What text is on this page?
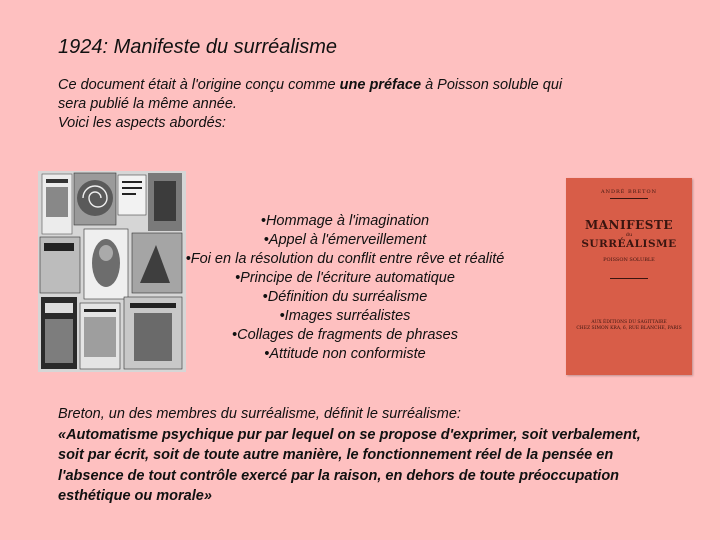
1924: Manifeste du surréalisme

Ce document était à l'origine conçu comme une préface à Poisson soluble qui
sera publié la même année.
Voici les aspects abordés:

•Hommage à l'imagination
•Appel à l'émerveillement
•Foi en la résolution du conflit entre rêve et réalité
•Principe de l'écriture automatique
•Définition du surréalisme
•Images surréalistes
•Collages de fragments de phrases
•Attitude non conformiste
ANDRÉ BRETON
MANIFESTE
du
SURRÉALISME
POISSON SOLUBLE
AUX ÉDITIONS DU SAGITTAIRE
CHEZ SIMON KRA, 6, RUE BLANCHE, PARIS

Breton, un des membres du surréalisme, définit le surréalisme:
«Automatisme psychique pur par lequel on se propose d'exprimer, soit verbalement, soit par écrit, soit de toute autre manière, le fonctionnement réel de la pensée en l'absence de tout contrôle exercé par la raison, en dehors de toute préoccupation esthétique ou morale»
